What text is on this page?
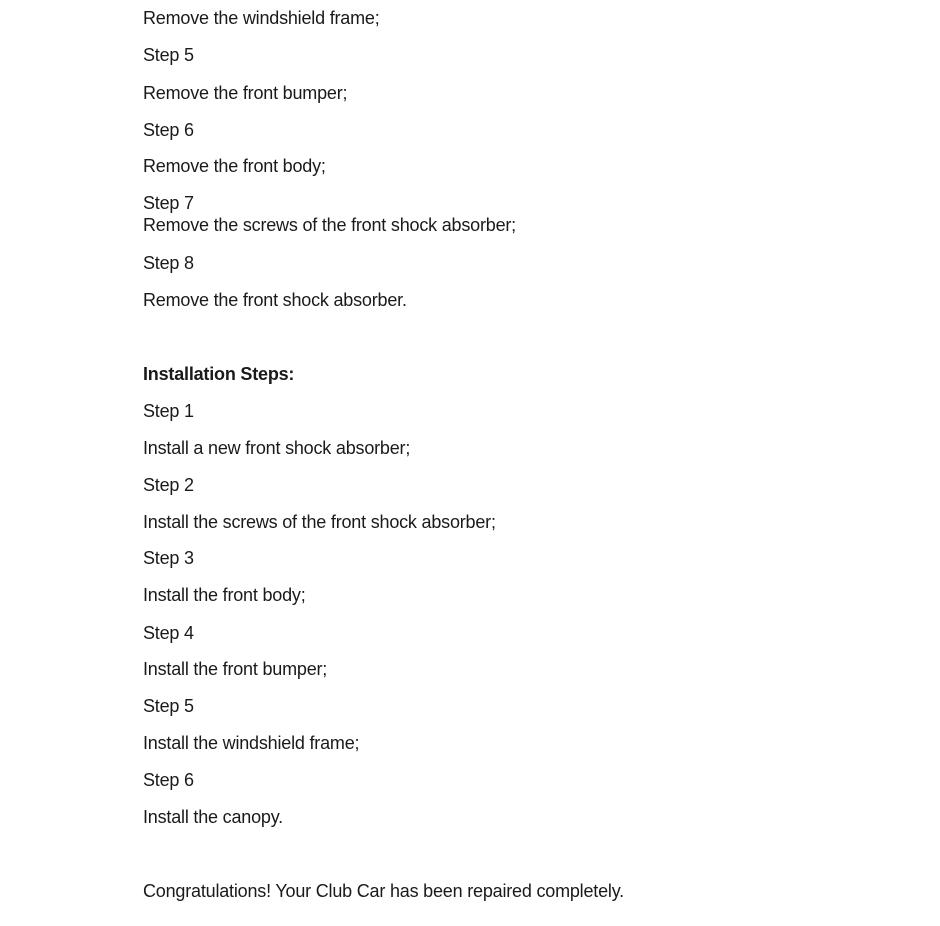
Remove the windshield frame;
Step 5
Remove the front bumper;
Step 6
Remove the front body;
Step 7
Remove the screws of the front shock absorber;
Step 8
Remove the front shock absorber.
Installation Steps:
Step 1
Install a new front shock absorber;
Step 2
Install the screws of the front shock absorber;
Step 3
Install the front body;
Step 4
Install the front bumper;
Step 5
Install the windshield frame;
Step 6
Install the canopy.
Congratulations! Your Club Car has been repaired completely.
